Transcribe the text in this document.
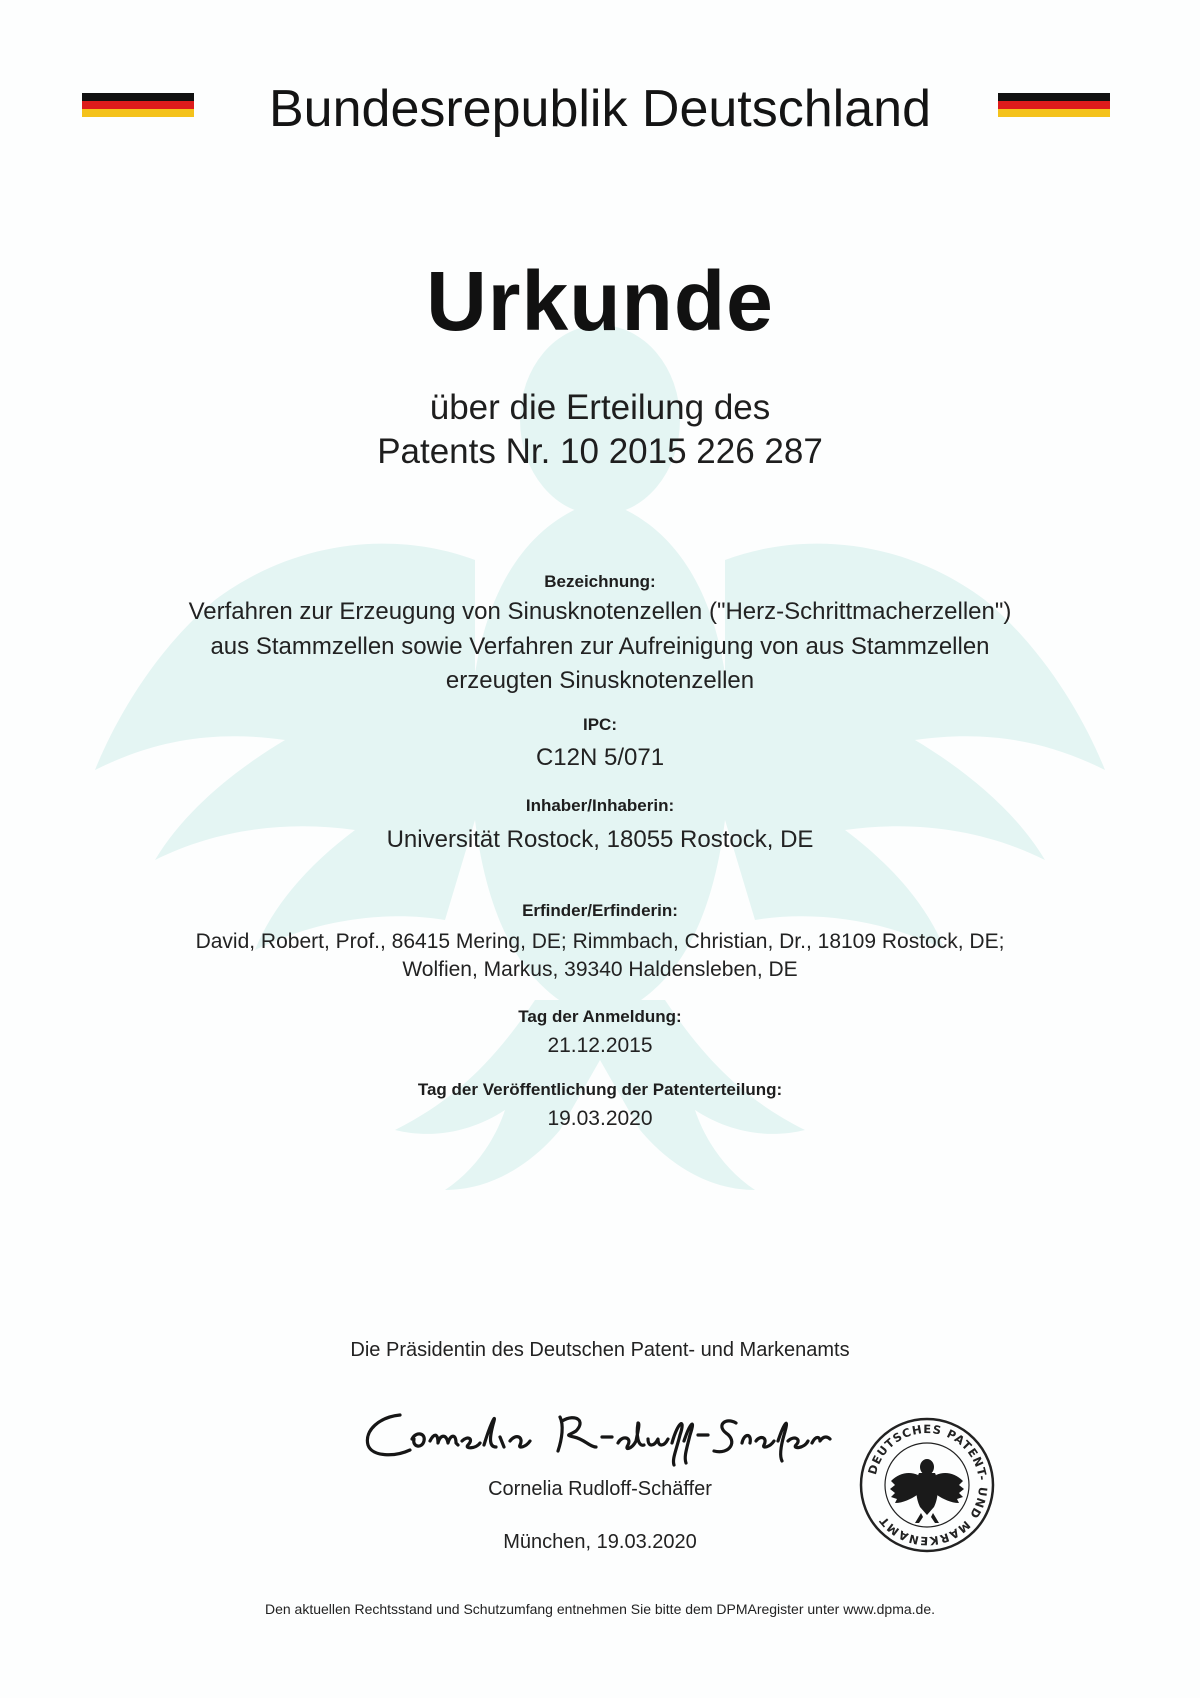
Bundesrepublik Deutschland
Urkunde
über die Erteilung des
Patents Nr. 10 2015 226 287
Bezeichnung:
Verfahren zur Erzeugung von Sinusknotenzellen ("Herz-Schrittmacherzellen")
aus Stammzellen sowie Verfahren zur Aufreinigung von aus Stammzellen
erzeugten Sinusknotenzellen
IPC:
C12N 5/071
Inhaber/Inhaberin:
Universität Rostock, 18055 Rostock, DE
Erfinder/Erfinderin:
David, Robert, Prof., 86415 Mering, DE; Rimmbach, Christian, Dr., 18109 Rostock, DE;
Wolfien, Markus, 39340 Haldensleben, DE
Tag der Anmeldung:
21.12.2015
Tag der Veröffentlichung der Patenterteilung:
19.03.2020
Die Präsidentin des Deutschen Patent- und Markenamts
Cornelia Rudloff-Schäffer
München, 19.03.2020
DEUTSCHES PATENT- UND MARKENAMT
Den aktuellen Rechtsstand und Schutzumfang entnehmen Sie bitte dem DPMAregister unter www.dpma.de.
